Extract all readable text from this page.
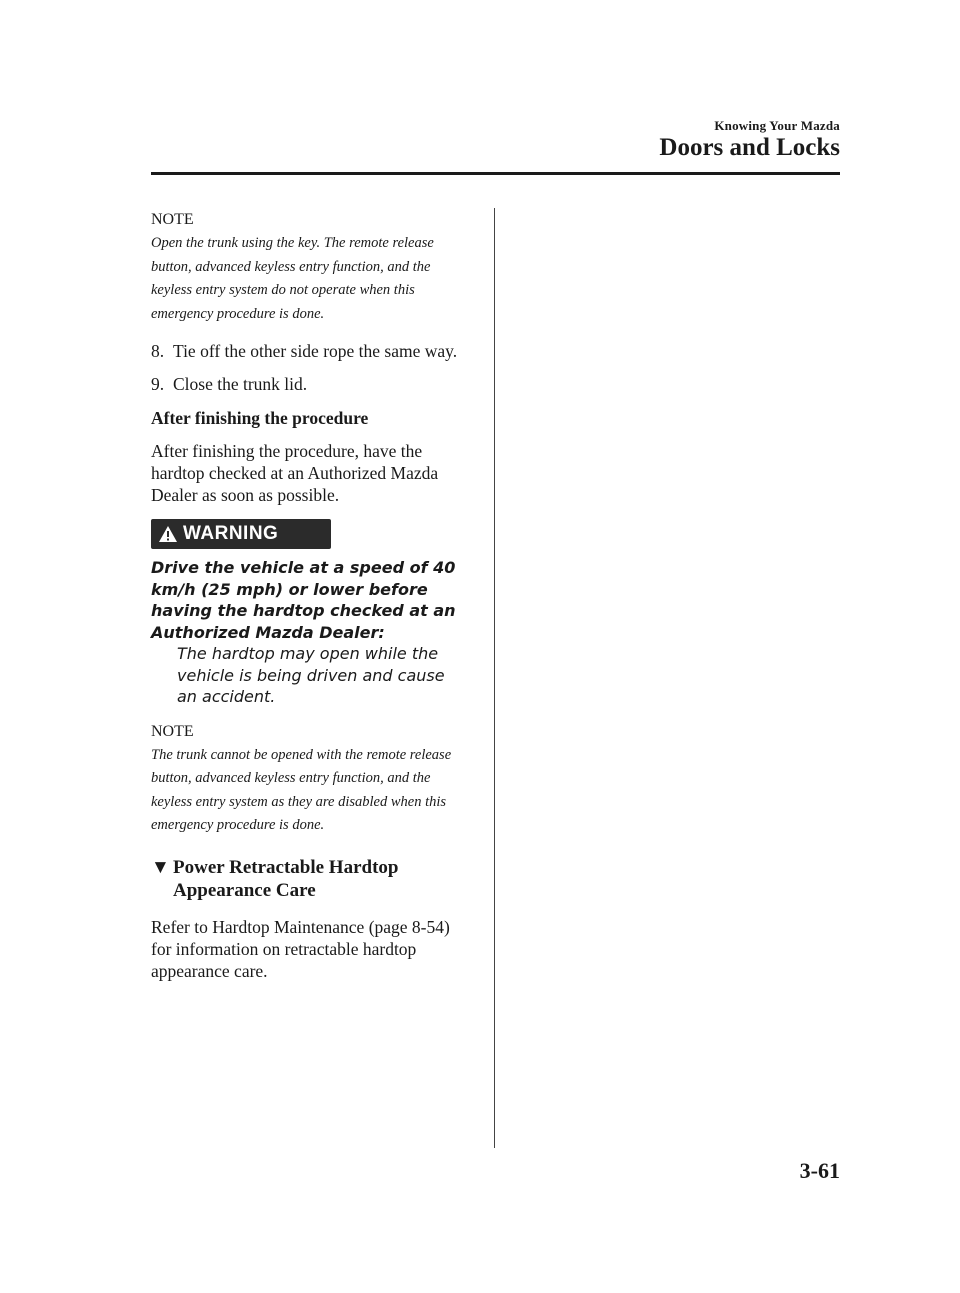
Knowing Your Mazda
Doors and Locks
NOTE

Open the trunk using the key. The remote release button, advanced keyless entry function, and the keyless entry system do not operate when this emergency procedure is done.

8. Tie off the other side rope the same way.

9. Close the trunk lid.

After finishing the procedure

After finishing the procedure, have the hardtop checked at an Authorized Mazda Dealer as soon as possible.

WARNING

Drive the vehicle at a speed of 40 km/h (25 mph) or lower before having the hardtop checked at an Authorized Mazda Dealer:

The hardtop may open while the vehicle is being driven and cause an accident.

NOTE

The trunk cannot be opened with the remote release button, advanced keyless entry function, and the keyless entry system as they are disabled when this emergency procedure is done.

▼ Power Retractable Hardtop Appearance Care

Refer to Hardtop Maintenance (page 8-54) for information on retractable hardtop appearance care.

3-61
